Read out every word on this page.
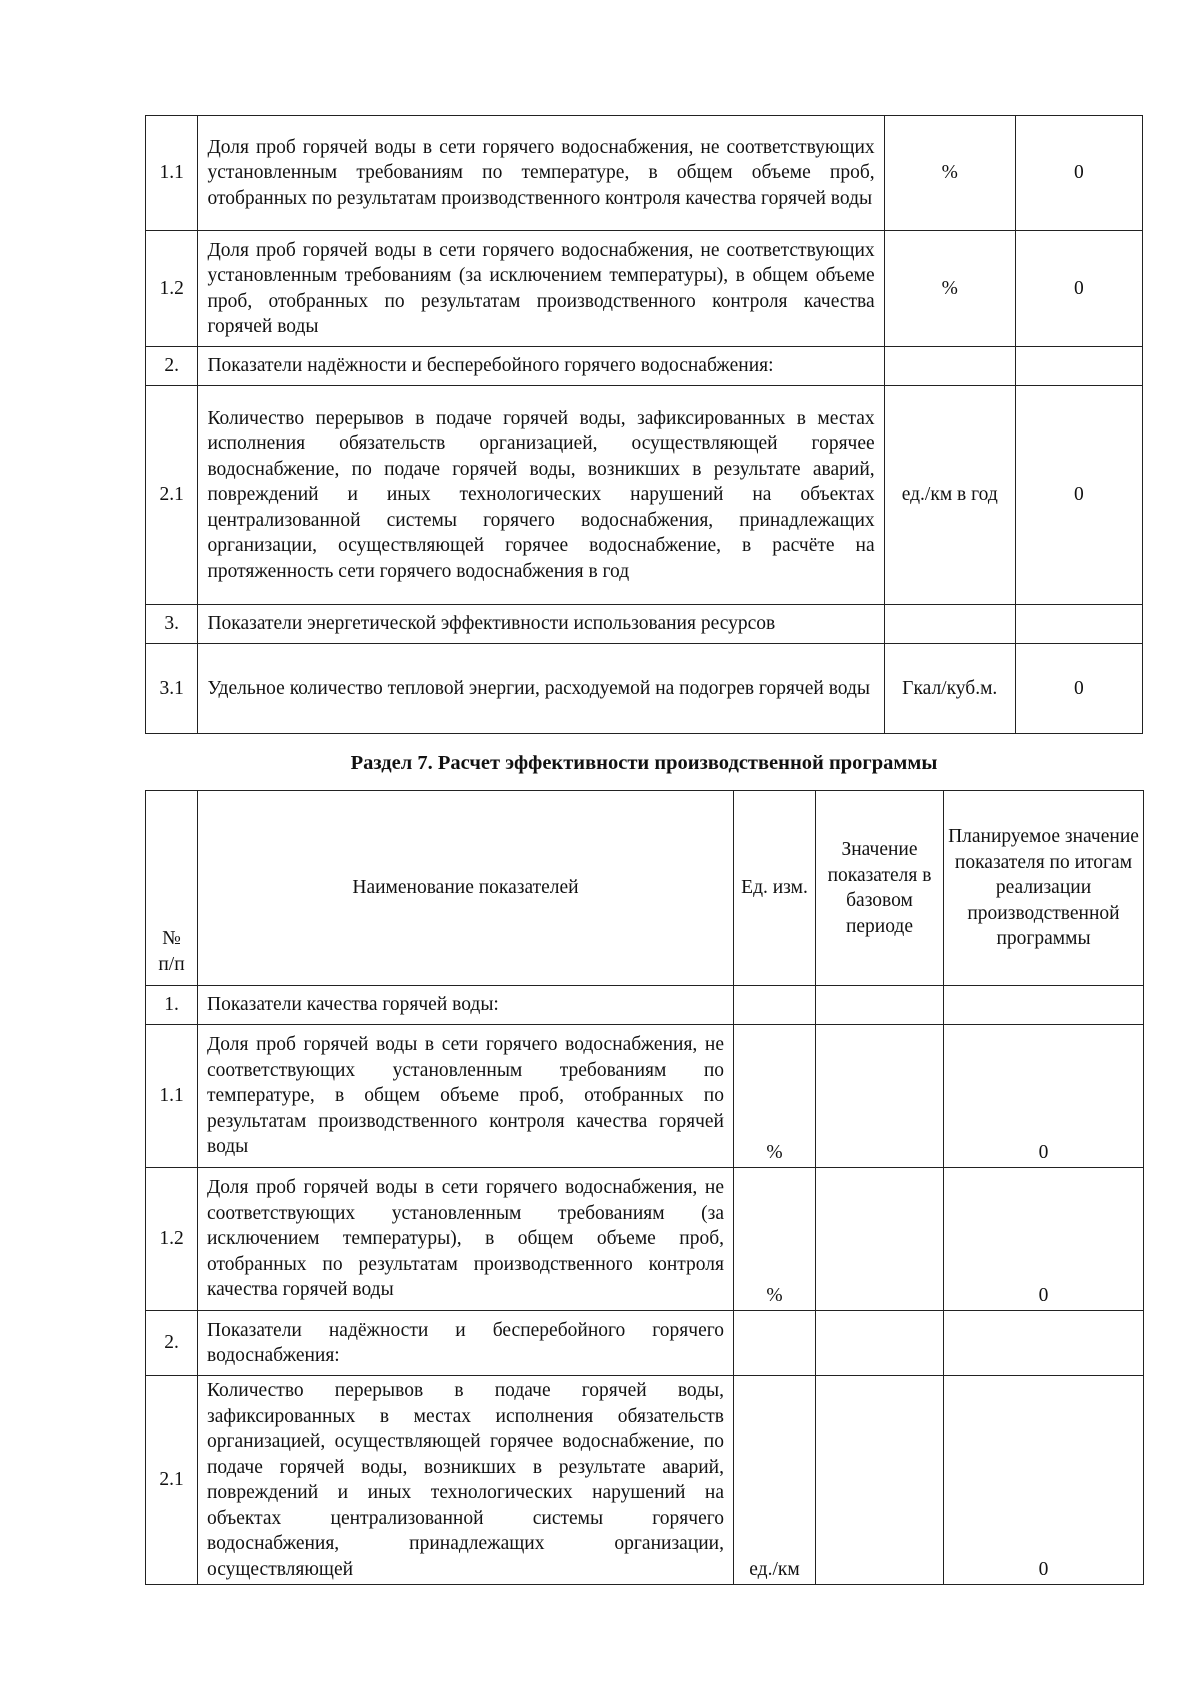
1.1	Доля проб горячей воды в сети горячего водоснабжения, не соответствующих установленным требованиям по температуре, в общем объеме проб, отобранных по результатам производственного контроля качества горячей воды	%	0
1.2	Доля проб горячей воды в сети горячего водоснабжения, не соответствующих установленным требованиям (за исключением температуры), в общем объеме проб, отобранных по результатам производственного контроля качества горячей воды	%	0
2.	Показатели надёжности и бесперебойного горячего водоснабжения:		
2.1	Количество перерывов в подаче горячей воды, зафиксированных в местах исполнения обязательств организацией, осуществляющей горячее водоснабжение, по подаче горячей воды, возникших в результате аварий, повреждений и иных технологических нарушений на объектах централизованной системы горячего водоснабжения, принадлежащих организации, осуществляющей горячее водоснабжение, в расчёте на протяженность сети горячего водоснабжения в год	ед./км в год	0
3.	Показатели энергетической эффективности использования ресурсов		
3.1	Удельное количество тепловой энергии, расходуемой на подогрев горячей воды	Гкал/куб.м.	0
Раздел 7. Расчет эффективности производственной программы
№ п/п	Наименование показателей	Ед. изм.	Значение показателя в базовом периоде	Планируемое значение показателя по итогам реализации производственной программы
1.	Показатели качества горячей воды:			
1.1	Доля проб горячей воды в сети горячего водоснабжения, не соответствующих установленным требованиям по температуре, в общем объеме проб, отобранных по результатам производственного контроля качества горячей воды	%		0
1.2	Доля проб горячей воды в сети горячего водоснабжения, не соответствующих установленным требованиям (за исключением температуры), в общем объеме проб, отобранных по результатам производственного контроля качества горячей воды	%		0
2.	Показатели надёжности и бесперебойного горячего водоснабжения:			
2.1	Количество перерывов в подаче горячей воды, зафиксированных в местах исполнения обязательств организацией, осуществляющей горячее водоснабжение, по подаче горячей воды, возникших в результате аварий, повреждений и иных технологических нарушений на объектах централизованной системы горячего водоснабжения, принадлежащих организации, осуществляющей	ед./км		0
